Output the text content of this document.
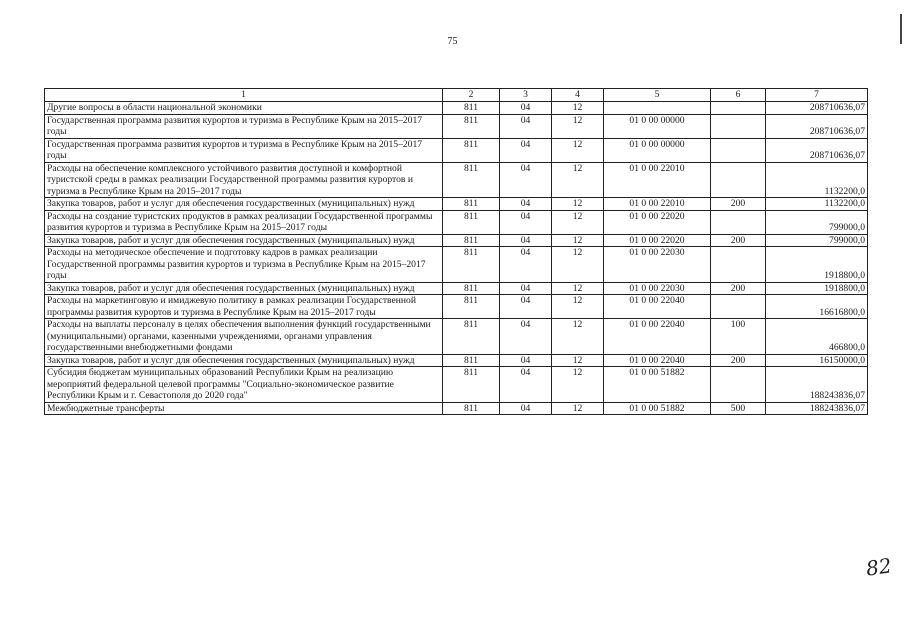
75
1	2	3	4	5	6	7
Другие вопросы в области национальной экономики	811	04	12			208710636,07
Государственная программа развития курортов и туризма в Республике Крым на 2015–2017 годы	811	04	12	01 0 00 00000		208710636,07
Государственная программа развития курортов и туризма в Республике Крым на 2015–2017 годы	811	04	12	01 0 00 00000		208710636,07
Расходы на обеспечение комплексного устойчивого развития доступной и комфортной туристской среды в рамках реализации Государственной программы развития курортов и туризма в Республике Крым на 2015–2017 годы	811	04	12	01 0 00 22010		1132200,0
Закупка товаров, работ и услуг для обеспечения государственных (муниципальных) нужд	811	04	12	01 0 00 22010	200	1132200,0
Расходы на создание туристских продуктов в рамках реализации Государственной программы развития курортов и туризма в Республике Крым на 2015–2017 годы	811	04	12	01 0 00 22020		799000,0
Закупка товаров, работ и услуг для обеспечения государственных (муниципальных) нужд	811	04	12	01 0 00 22020	200	799000,0
Расходы на методическое обеспечение и подготовку кадров в рамках реализации Государственной программы развития курортов и туризма в Республике Крым на 2015–2017 годы	811	04	12	01 0 00 22030		1918800,0
Закупка товаров, работ и услуг для обеспечения государственных (муниципальных) нужд	811	04	12	01 0 00 22030	200	1918800,0
Расходы на маркетинговую и имиджевую политику в рамках реализации Государственной программы развития курортов и туризма в Республике Крым на 2015–2017 годы	811	04	12	01 0 00 22040		16616800,0
Расходы на выплаты персоналу в целях обеспечения выполнения функций государственными (муниципальными) органами, казенными учреждениями, органами управления государственными внебюджетными фондами	811	04	12	01 0 00 22040	100	466800,0
Закупка товаров, работ и услуг для обеспечения государственных (муниципальных) нужд	811	04	12	01 0 00 22040	200	16150000,0
Субсидия бюджетам муниципальных образований Республики Крым на реализацию мероприятий федеральной целевой программы "Социально-экономическое развитие Республики Крым и г. Севастополя до 2020 года"	811	04	12	01 0 00 51882		188243836,07
Межбюджетные трансферты	811	04	12	01 0 00 51882	500	188243836,07
82
